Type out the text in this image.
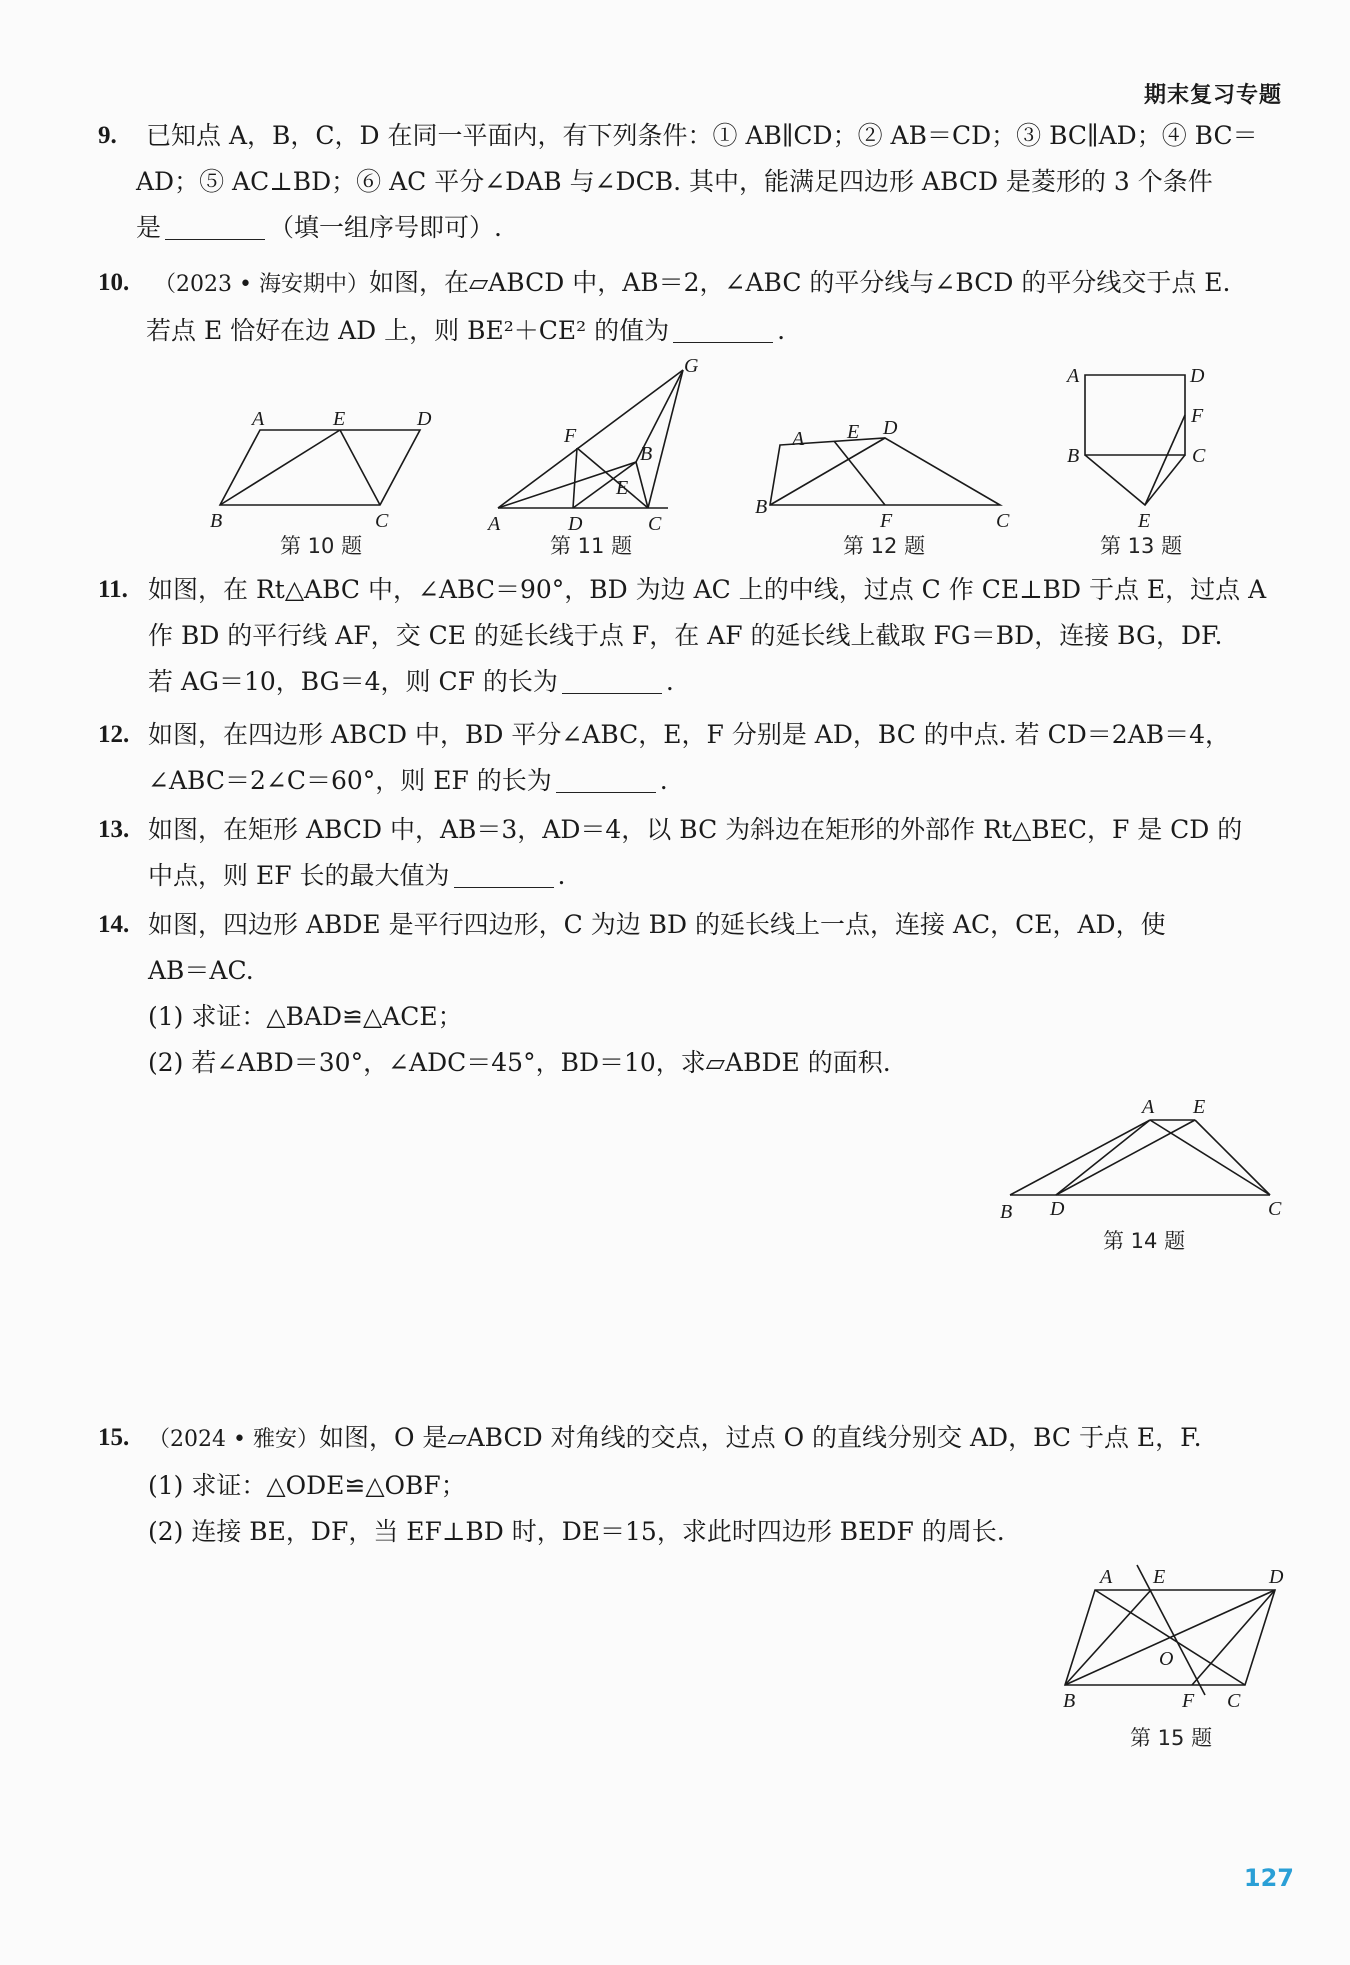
期末复习专题
9. 已知点 A，B，C，D 在同一平面内，有下列条件：① AB∥CD；② AB＝CD；③ BC∥AD；④ BC＝
AD；⑤ AC⊥BD；⑥ AC 平分∠DAB 与∠DCB. 其中，能满足四边形 ABCD 是菱形的 3 个条件
是	（填一组序号即可）.
10. （2023 • 海安期中）如图，在▱ABCD 中，AB＝2，∠ABC 的平分线与∠BCD 的平分线交于点 E.
若点 E 恰好在边 AD 上，则 BE²＋CE² 的值为	.
A	E	D
B	C
第 10 题
G
F
B
E
A	D	C
第 11 题
A E D
B
F	C
第 12 题
A	D
F
B	C
E
第 13 题
11. 如图，在 Rt△ABC 中，∠ABC＝90°，BD 为边 AC 上的中线，过点 C 作 CE⊥BD 于点 E，过点 A
作 BD 的平行线 AF，交 CE 的延长线于点 F，在 AF 的延长线上截取 FG＝BD，连接 BG，DF.
若 AG＝10，BG＝4，则 CF 的长为	.
12. 如图，在四边形 ABCD 中，BD 平分∠ABC，E，F 分别是 AD，BC 的中点. 若 CD＝2AB＝4，
∠ABC＝2∠C＝60°，则 EF 的长为	.
13. 如图，在矩形 ABCD 中，AB＝3，AD＝4，以 BC 为斜边在矩形的外部作 Rt△BEC，F 是 CD 的
中点，则 EF 长的最大值为	.
14. 如图，四边形 ABDE 是平行四边形，C 为边 BD 的延长线上一点，连接 AC，CE，AD，使
AB＝AC.
(1) 求证：△BAD≌△ACE；
(2) 若∠ABD＝30°，∠ADC＝45°，BD＝10，求▱ABDE 的面积.
A E
B D	C
第 14 题
15. （2024 • 雅安）如图，O 是▱ABCD 对角线的交点，过点 O 的直线分别交 AD，BC 于点 E，F.
(1) 求证：△ODE≌△OBF；
(2) 连接 BE，DF，当 EF⊥BD 时，DE＝15，求此时四边形 BEDF 的周长.
A E	D
O
B	F C
第 15 题
127
